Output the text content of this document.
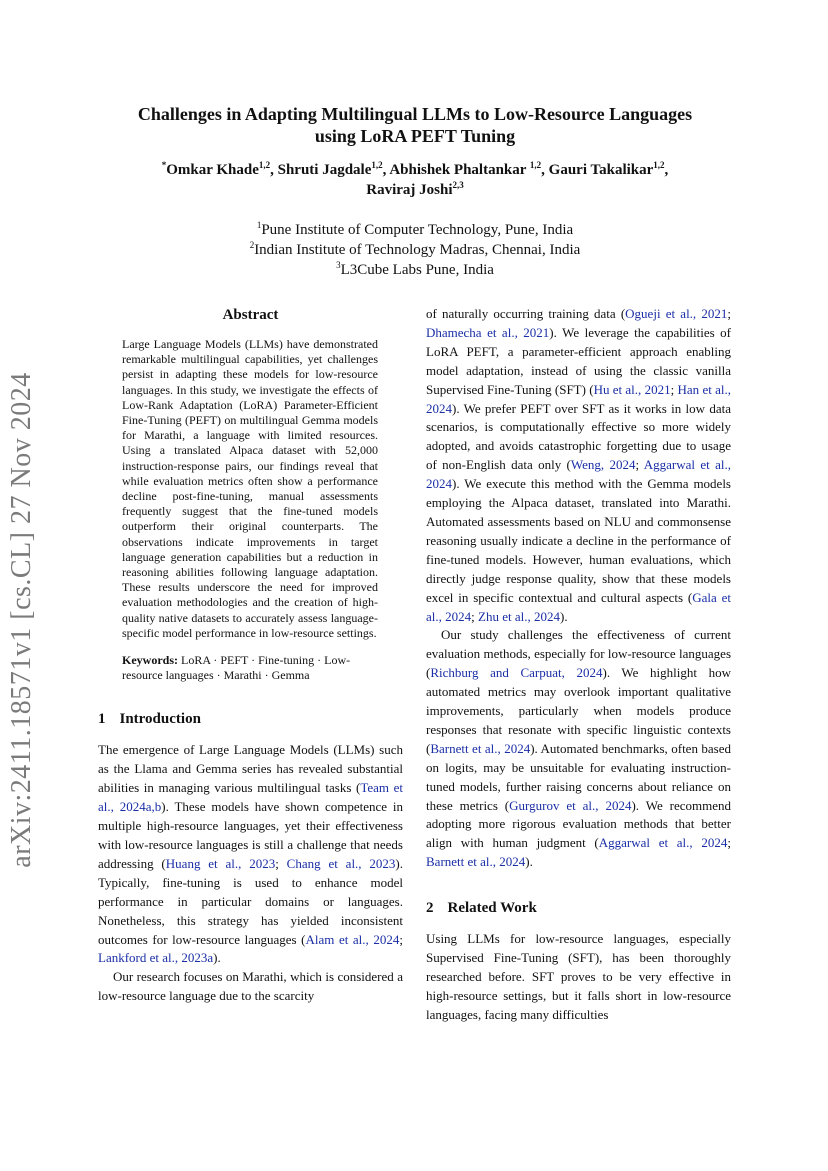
arXiv:2411.18571v1 [cs.CL] 27 Nov 2024
Challenges in Adapting Multilingual LLMs to Low-Resource Languages
using LoRA PEFT Tuning
*Omkar Khade$^{1,2}$, Shruti Jagdale$^{1,2}$, Abhishek Phaltankar $^{1,2}$, Gauri Takalikar$^{1,2}$,
Raviraj Joshi$^{2,3}$
$^1$Pune Institute of Computer Technology, Pune, India
$^2$Indian Institute of Technology Madras, Chennai, India
$^3$L3Cube Labs Pune, India
Abstract
Large Language Models (LLMs) have demonstrated remarkable multilingual capabilities, yet challenges persist in adapting these models for low-resource languages. In this study, we investigate the effects of Low-Rank Adaptation (LoRA) Parameter-Efficient Fine-Tuning (PEFT) on multilingual Gemma models for Marathi, a language with limited resources. Using a translated Alpaca dataset with 52,000 instruction-response pairs, our findings reveal that while evaluation metrics often show a performance decline post-fine-tuning, manual assessments frequently suggest that the fine-tuned models outperform their original counterparts. The observations indicate improvements in target language generation capabilities but a reduction in reasoning abilities following language adaptation. These results underscore the need for improved evaluation methodologies and the creation of high-quality native datasets to accurately assess language-specific model performance in low-resource settings.
Keywords: LoRA · PEFT · Fine-tuning · Low-resource languages · Marathi · Gemma
1 Introduction

The emergence of Large Language Models (LLMs) such as the Llama and Gemma series has revealed substantial abilities in managing various multilingual tasks (Team et al., 2024a,b). These models have shown competence in multiple high-resource languages, yet their effectiveness with low-resource languages is still a challenge that needs addressing (Huang et al., 2023; Chang et al., 2023). Typically, fine-tuning is used to enhance model performance in particular domains or languages. Nonetheless, this strategy has yielded inconsistent outcomes for low-resource languages (Alam et al., 2024; Lankford et al., 2023a).

Our research focuses on Marathi, which is considered a low-resource language due to the scarcity

of naturally occurring training data (Ogueji et al., 2021; Dhamecha et al., 2021). We leverage the capabilities of LoRA PEFT, a parameter-efficient approach enabling model adaptation, instead of using the classic vanilla Supervised Fine-Tuning (SFT) (Hu et al., 2021; Han et al., 2024). We prefer PEFT over SFT as it works in low data scenarios, is computationally effective so more widely adopted, and avoids catastrophic forgetting due to usage of non-English data only (Weng, 2024; Aggarwal et al., 2024). We execute this method with the Gemma models employing the Alpaca dataset, translated into Marathi. Automated assessments based on NLU and commonsense reasoning usually indicate a decline in the performance of fine-tuned models. However, human evaluations, which directly judge response quality, show that these models excel in specific contextual and cultural aspects (Gala et al., 2024; Zhu et al., 2024).

Our study challenges the effectiveness of current evaluation methods, especially for low-resource languages (Richburg and Carpuat, 2024). We highlight how automated metrics may overlook important qualitative improvements, particularly when models produce responses that resonate with specific linguistic contexts (Barnett et al., 2024). Automated benchmarks, often based on logits, may be unsuitable for evaluating instruction-tuned models, further raising concerns about reliance on these metrics (Gurgurov et al., 2024). We recommend adopting more rigorous evaluation methods that better align with human judgment (Aggarwal et al., 2024; Barnett et al., 2024).

2 Related Work

Using LLMs for low-resource languages, especially Supervised Fine-Tuning (SFT), has been thoroughly researched before. SFT proves to be very effective in high-resource settings, but it falls short in low-resource languages, facing many difficulties
